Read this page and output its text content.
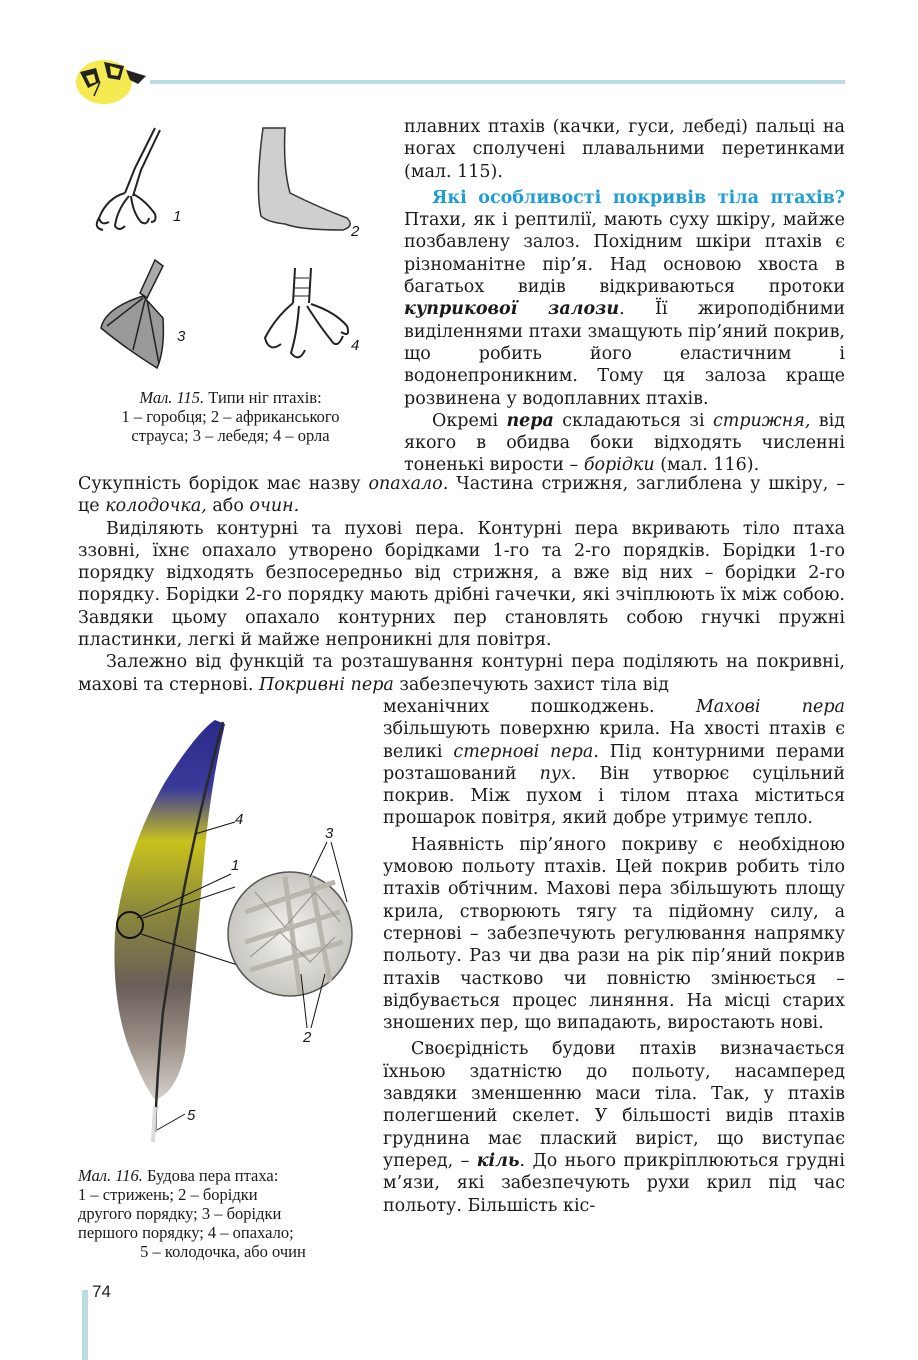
1
2
3
4
Мал. 115. Типи ніг птахів:
1 – горобця; 2 – африканського
страуса; 3 – лебедя; 4 – орла

плавних птахів (качки, гуси, лебеді) пальці на ногах сполучені плавальними перетинками (мал. 115).

Які особливості покривів тіла птахів? Птахи, як і рептилії, мають суху шкіру, майже позбавлену залоз. Похідним шкіри птахів є різноманітне пір’я. Над основою хвоста в багатьох видів відкриваються протоки куприкової залози. Її жироподібними виділеннями птахи змащують пір’яний покрив, що робить його еластичним і водонепроникним. Тому ця залоза краще розвинена у водоплавних птахів.

Окремі пера складаються зі стрижня, від якого в обидва боки відходять численні тоненькі вирости – борідки (мал. 116).

Сукупність борідок має назву опахало. Частина стрижня, заглиблена у шкіру, – це колодочка, або очин.

Виділяють контурні та пухові пера. Контурні пера вкривають тіло птаха ззовні, їхнє опахало утворено борідками 1-го та 2-го порядків. Борідки 1-го порядку відходять безпосередньо від стрижня, а вже від них – борідки 2-го порядку. Борідки 2-го порядку мають дрібні гачечки, які зчіплюють їх між собою. Завдяки цьому опахало контурних пер становлять собою гнучкі пружні пластинки, легкі й майже непроникні для повітря.

Залежно від функцій та розташування контурні пера поділяють на покривні, махові та стернові. Покривні пера забезпечують захист тіла від

4
3
1
2
5
Мал. 116. Будова пера птаха:
1 – стрижень; 2 – борідки
другого порядку; 3 – борідки
першого порядку; 4 – опахало;

5 – колодочка, або очин

механічних пошкоджень. Махові пера збільшують поверхню крила. На хвості птахів є великі стернові пера. Під контурними перами розташований пух. Він утворює суцільний покрив. Між пухом і тілом птаха міститься прошарок повітря, який добре утримує тепло.

Наявність пір’яного покриву є необхідною умовою польоту птахів. Цей покрив робить тіло птахів обтічним. Махові пера збільшують площу крила, створюють тягу та підйомну силу, а стернові – забезпечують регулювання напрямку польоту. Раз чи два рази на рік пір’яний покрив птахів частково чи повністю змінюється – відбувається процес линяння. На місці старих зношених пер, що випадають, виростають нові.

Своєрідність будови птахів визначається їхньою здатністю до польоту, насамперед завдяки зменшенню маси тіла. Так, у птахів полегшений скелет. У більшості видів птахів груднина має плаский виріст, що виступає уперед, – кіль. До нього прикріплюються грудні м’язи, які забезпечують рухи крил під час польоту. Більшість кіс-

74
